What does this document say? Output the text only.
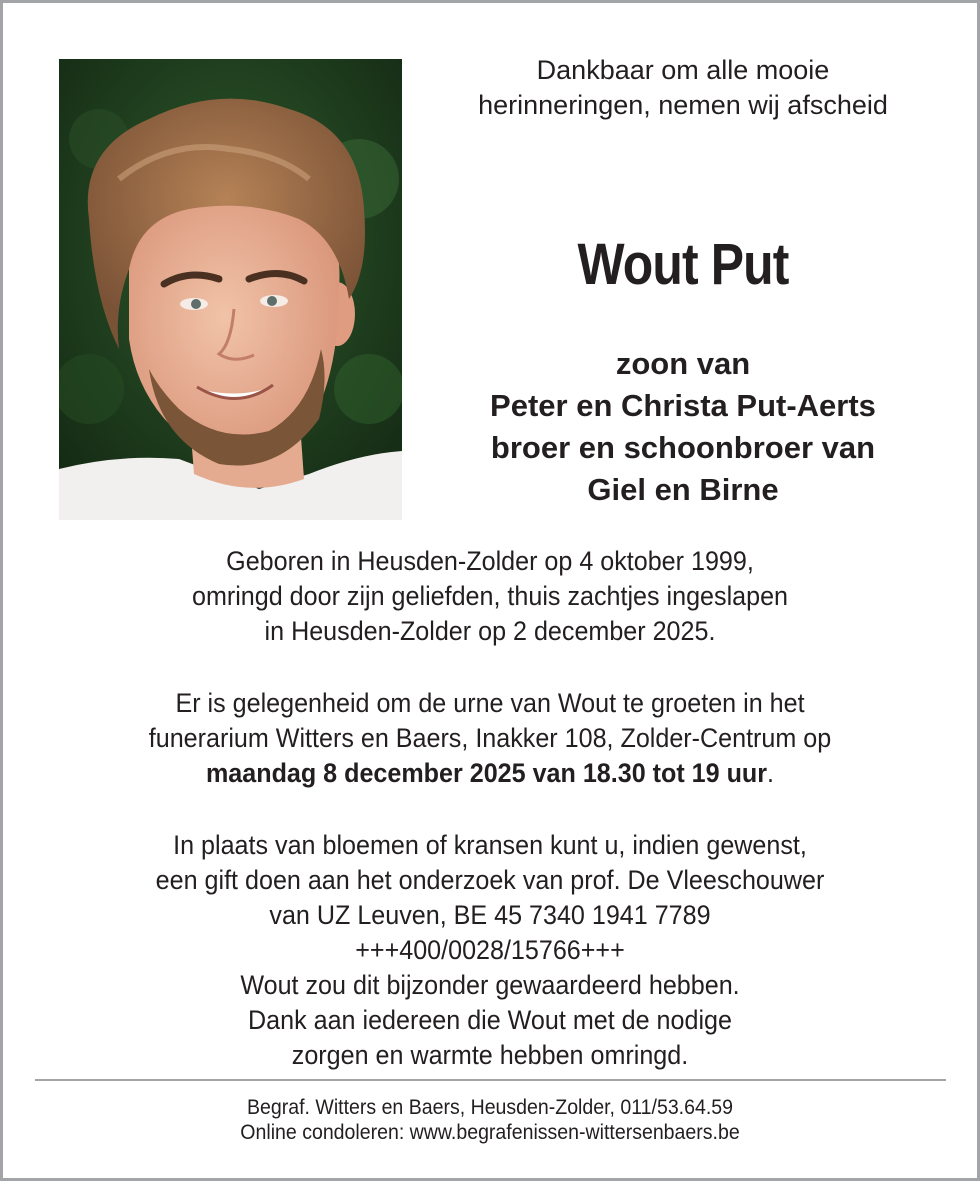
Dankbaar om alle mooie
herinneringen, nemen wij afscheid
Wout Put
zoon van
Peter en Christa Put-Aerts
broer en schoonbroer van
Giel en Birne
Geboren in Heusden-Zolder op 4 oktober 1999,
omringd door zijn geliefden, thuis zachtjes ingeslapen
in Heusden-Zolder op 2 december 2025.
Er is gelegenheid om de urne van Wout te groeten in het
funerarium Witters en Baers, Inakker 108, Zolder-Centrum op
maandag 8 december 2025 van 18.30 tot 19 uur.
In plaats van bloemen of kransen kunt u, indien gewenst,
een gift doen aan het onderzoek van prof. De Vleeschouwer
van UZ Leuven, BE 45 7340 1941 7789
+++400/0028/15766+++
Wout zou dit bijzonder gewaardeerd hebben.
Dank aan iedereen die Wout met de nodige
zorgen en warmte hebben omringd.
Begraf. Witters en Baers, Heusden-Zolder, 011/53.64.59
Online condoleren: www.begrafenissen-wittersenbaers.be
